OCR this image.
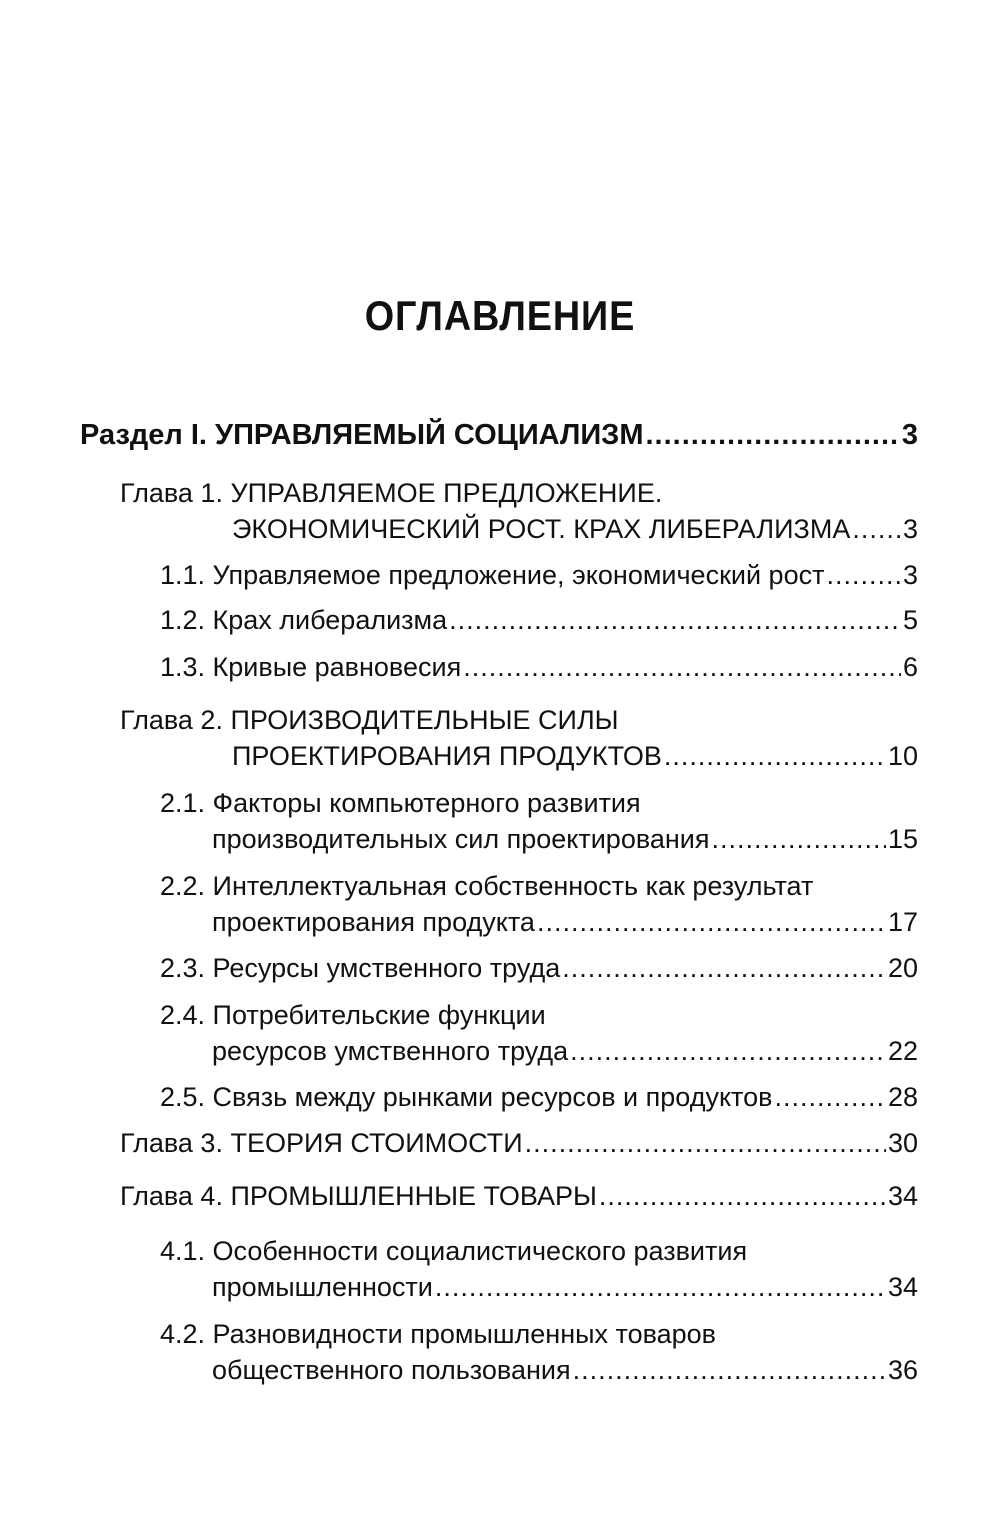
ОГЛАВЛЕНИЕ
Раздел I. УПРАВЛЯЕМЫЙ СОЦИАЛИЗМ .....	3
Глава 1. УПРАВЛЯЕМОЕ ПРЕДЛОЖЕНИЕ.
ЭКОНОМИЧЕСКИЙ РОСТ. КРАХ ЛИБЕРАЛИЗМА ..... 3
1.1. Управляемое предложение, экономический рост .....	3
1.2. Крах либерализма .....	5
1.3. Кривые равновесия .....	6
Глава 2. ПРОИЗВОДИТЕЛЬНЫЕ СИЛЫ
ПРОЕКТИРОВАНИЯ ПРОДУКТОВ .....	10
2.1. Факторы компьютерного развития
производительных сил проектирования .....	15
2.2. Интеллектуальная собственность как результат
проектирования продукта .....	17
2.3. Ресурсы умственного труда .....	20
2.4. Потребительские функции
ресурсов умственного труда .....	22
2.5. Связь между рынками ресурсов и продуктов .....	28
Глава 3. ТЕОРИЯ СТОИМОСТИ .....	30
Глава 4. ПРОМЫШЛЕННЫЕ ТОВАРЫ .....	34
4.1. Особенности социалистического развития
промышленности .....	34
4.2. Разновидности промышленных товаров
общественного пользования .....	36
